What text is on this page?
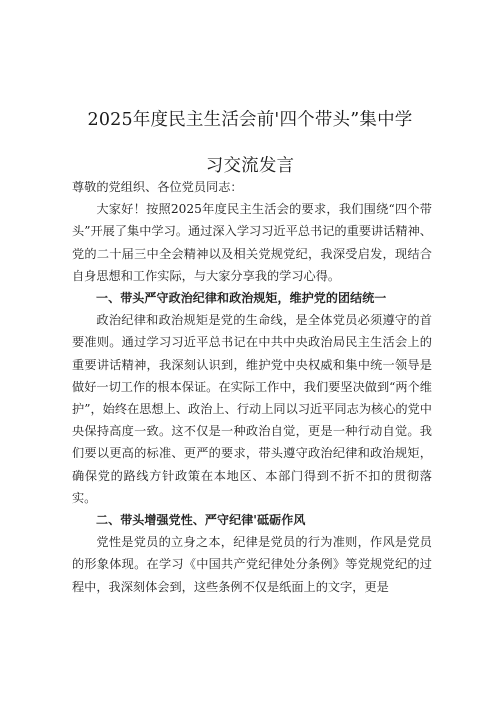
2025年度民主生活会前'四个带头”集中学
习交流发言

尊敬的党组织、各位党员同志：

大家好！按照2025年度民主生活会的要求，我们围绕“四个带头”开展了集中学习。通过深入学习习近平总书记的重要讲话精神、党的二十届三中全会精神以及相关党规党纪，我深受启发，现结合自身思想和工作实际，与大家分享我的学习心得。

一、带头严守政治纪律和政治规矩，维护党的团结统一

政治纪律和政治规矩是党的生命线，是全体党员必须遵守的首要准则。通过学习习近平总书记在中共中央政治局民主生活会上的重要讲话精神，我深刻认识到，维护党中央权威和集中统一领导是做好一切工作的根本保证。在实际工作中，我们要坚决做到“两个维护”，始终在思想上、政治上、行动上同以习近平同志为核心的党中央保持高度一致。这不仅是一种政治自觉，更是一种行动自觉。我们要以更高的标准、更严的要求，带头遵守政治纪律和政治规矩，确保党的路线方针政策在本地区、本部门得到不折不扣的贯彻落实。

二、带头增强党性、严守纪律'砥砺作风

党性是党员的立身之本，纪律是党员的行为准则，作风是党员的形象体现。在学习《中国共产党纪律处分条例》等党规党纪的过程中，我深刻体会到，这些条例不仅是纸面上的文字，更是
